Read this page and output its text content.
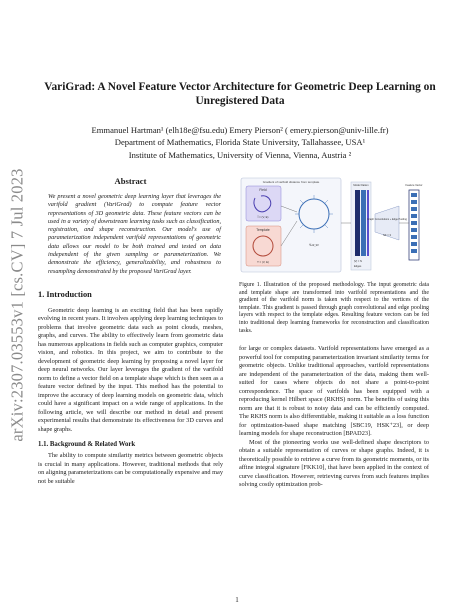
arXiv:2307.03553v1 [cs.CV] 7 Jul 2023
VariGrad: A Novel Feature Vector Architecture for Geometric Deep Learning on Unregistered Data
Emmanuel Hartman¹ (elh18e@fsu.edu) Emery Pierson² ( emery.pierson@univ-lille.fr)
Department of Mathematics, Florida State University, Tallahassee, USA¹
Institute of Mathematics, University of Vienna, Vienna, Austria ²
Abstract

We present a novel geometric deep learning layer that leverages the varifold gradient (VariGrad) to compute feature vector representations of 3D geometric data. These feature vectors can be used in a variety of downstream learning tasks such as classification, registration, and shape reconstruction. Our model's use of parameterization independent varifold representations of geometric data allows our model to be both trained and tested on data independent of the given sampling or parameterization. We demonstrate the efficiency, generalizability, and robustness to resampling demonstrated by the proposed VariGrad layer.

1. Introduction

Geometric deep learning is an exciting field that has been rapidly evolving in recent years. It involves applying deep learning techniques to problems that involve geometric data such as point clouds, meshes, graphs, and curves. The ability to effectively learn from geometric data has numerous applications in fields such as computer graphics, computer vision, and robotics. In this project, we aim to contribute to the development of geometric deep learning by proposing a novel layer for deep neural networks. Our layer leverages the gradient of the varifold norm to define a vector field on a template shape which is then seen as a feature vector defined by the input. This method has the potential to improve the accuracy of deep learning models on geometric data, which could have a significant impact on a wide range of applications. In the following article, we will describe our method in detail and present experimental results that demonstrate its effectiveness for 3D curves and shape graphs.

1.1. Background & Related Work

The ability to compute similarity metrics between geometric objects is crucial in many applications. However, traditional methods that rely on aligning parameterizations can be computationally expensive and may not be suitable

Gradient of varifold distance from template
Field
Î = (V, E)
Template
T = (V, E)
∇ₓ‖(·)‖²
Mode Flatten
|V| = N
Edges
Graph Convolutions + Edge Pooling
NF = 3
Feature Vector

Figure 1. Illustration of the proposed methodology. The input geometric data and template shape are transformed into varifold representations and the gradient of the varifold norm is taken with respect to the vertices of the template. This gradient is passed through graph convolutional and edge pooling layers with respect to the template edges. Resulting feature vectors can be fed into traditional deep learning frameworks for reconstruction and classification tasks.

for large or complex datasets. Varifold representations have emerged as a powerful tool for computing parameterization invariant similarity terms for geometric objects. Unlike traditional approaches, varifold representations are independent of the parameterization of the data, making them well-suited for cases where objects do not share a point-to-point correspondence. The space of varifolds has been equipped with a reproducing kernel Hilbert space (RKHS) norm. The benefits of using this norm are that it is robust to noisy data and can be efficiently computed. The RKHS norm is also differentiable, making it suitable as a loss function for optimization-based shape matching [SBC19, HSK⁺23], or deep learning models for shape reconstruction [BPAD23].

Most of the pioneering works use well-defined shape descriptors to obtain a suitable representation of curves or shape graphs. Indeed, it is theoretically possible to retrieve a curve from its geometric moments, or its affine integral signature [FKK10], that have been applied in the context of curve classification. However, retrieving curves from such features implies solving costly optimization prob-

1
